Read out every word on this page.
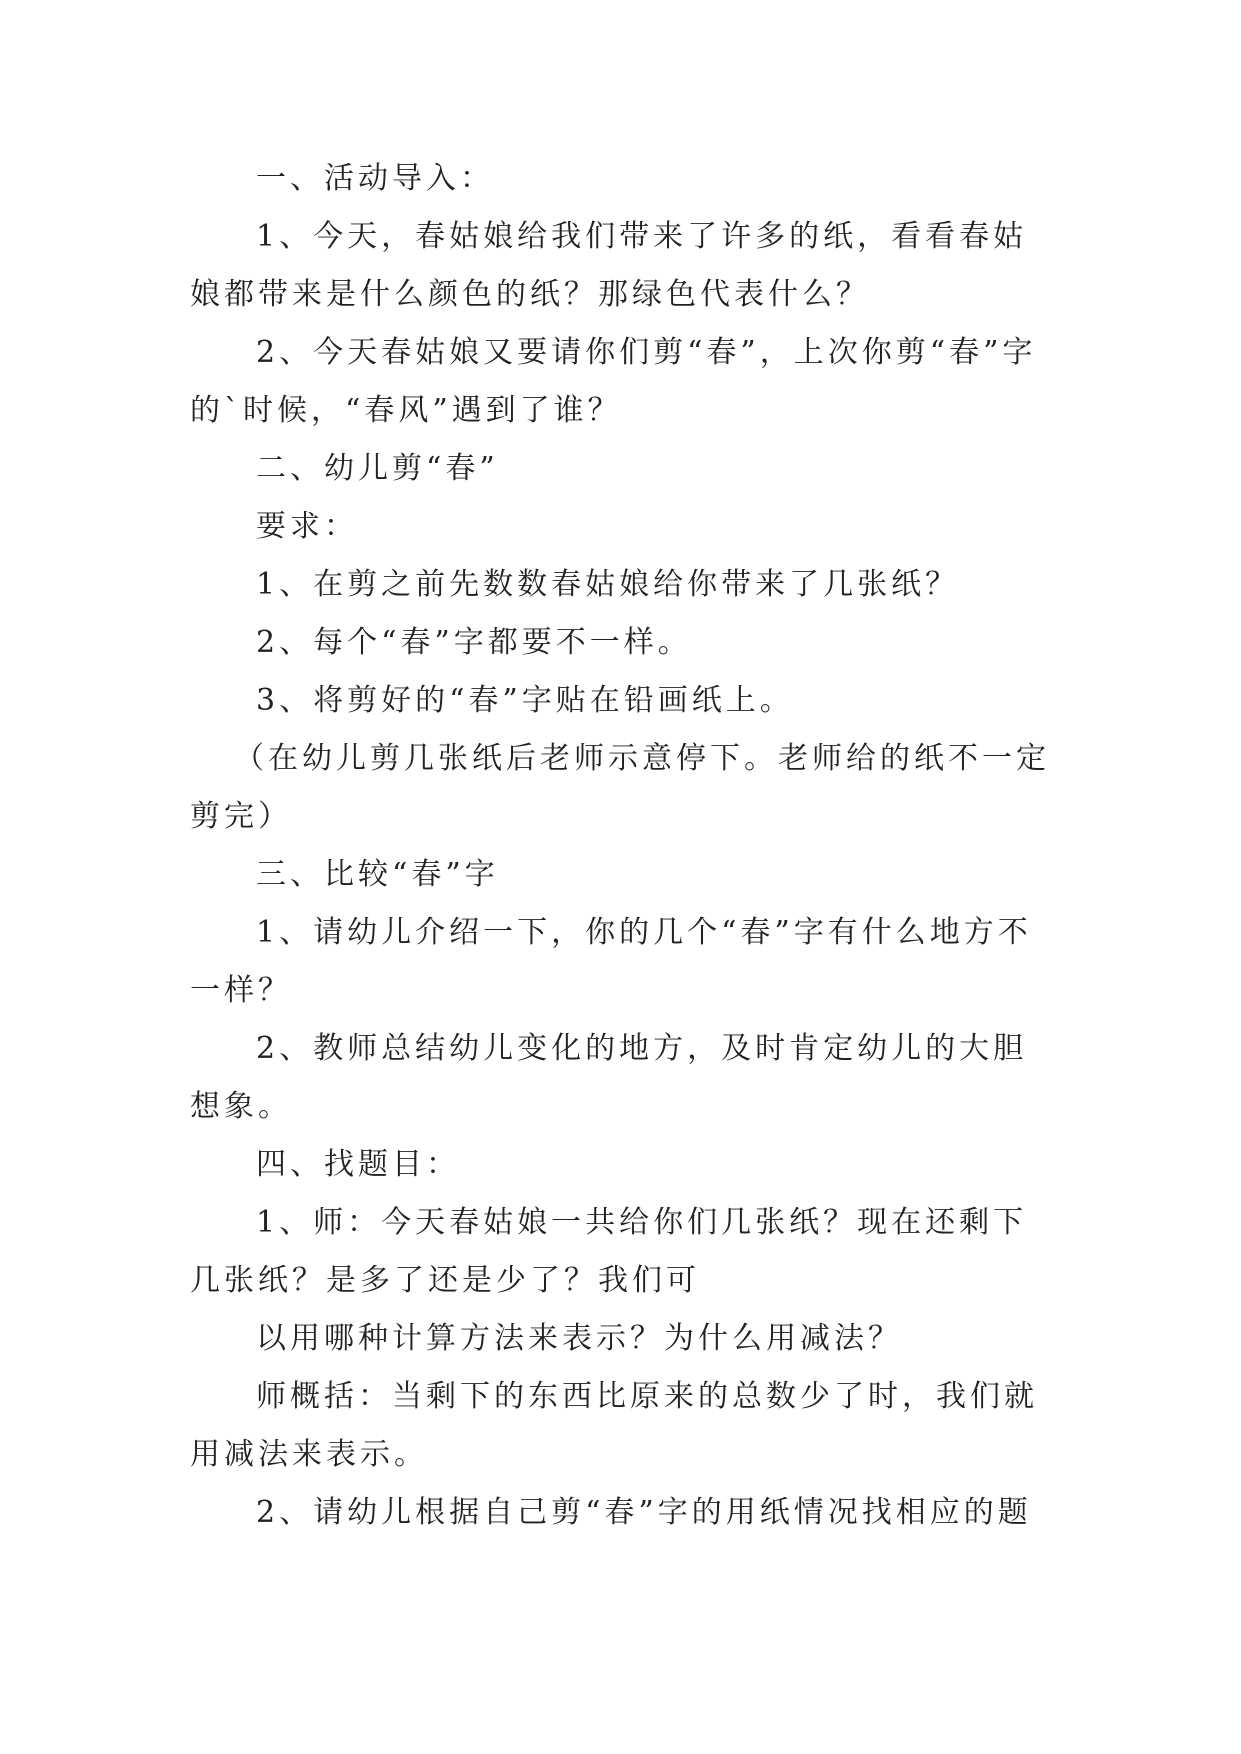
一、活动导入：

1、今天，春姑娘给我们带来了许多的纸，看看春姑娘都带来是什么颜色的纸？那绿色代表什么？

2、今天春姑娘又要请你们剪“春”，上次你剪“春”字的`时候，“春风”遇到了谁？

二、幼儿剪“春”

要求：

1、在剪之前先数数春姑娘给你带来了几张纸？

2、每个“春”字都要不一样。

3、将剪好的“春”字贴在铅画纸上。

（在幼儿剪几张纸后老师示意停下。老师给的纸不一定剪完）

三、比较“春”字

1、请幼儿介绍一下，你的几个“春”字有什么地方不一样？

2、教师总结幼儿变化的地方，及时肯定幼儿的大胆想象。

四、找题目：

1、师：今天春姑娘一共给你们几张纸？现在还剩下几张纸？是多了还是少了？我们可

以用哪种计算方法来表示？为什么用减法？

师概括：当剩下的东西比原来的总数少了时，我们就用减法来表示。

2、请幼儿根据自己剪“春”字的用纸情况找相应的题
